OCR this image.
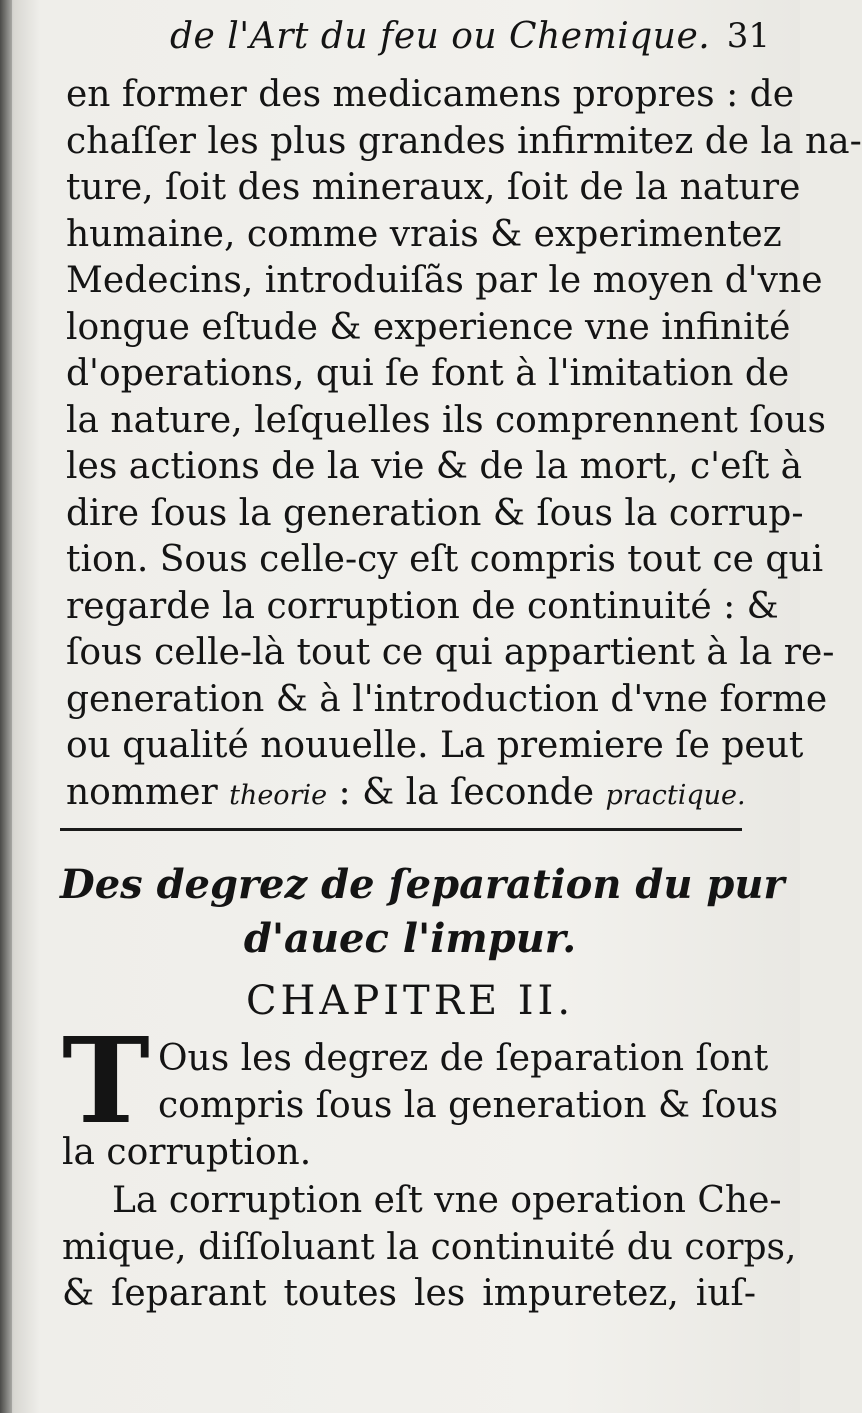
de l'Art du feu ou Chemique. 31
en former des medicamens propres : de
chaſſer les plus grandes infirmitez de la na-
ture, ſoit des mineraux, ſoit de la nature
humaine, comme vrais & experimentez
Medecins, introduiſãs par le moyen d'vne
longue eſtude & experience vne infinité
d'operations, qui ſe font à l'imitation de
la nature, leſquelles ils comprennent ſous
les actions de la vie & de la mort, c'eſt à
dire ſous la generation & ſous la corrup-
tion. Sous celle-cy eſt compris tout ce qui
regarde la corruption de continuité : &
ſous celle-là tout ce qui appartient à la re-
generation & à l'introduction d'vne forme
ou qualité nouuelle. La premiere ſe peut
nommer theorie : & la ſeconde practique.
Des degrez de ſeparation du pur
d'auec l'impur.
CHAPITRE II.
T Ous les degrez de ſeparation ſont
compris ſous la generation & ſous
la corruption.
La corruption eſt vne operation Che-
mique, diſſoluant la continuité du corps,
& ſeparant toutes les impuretez, iuſ-
